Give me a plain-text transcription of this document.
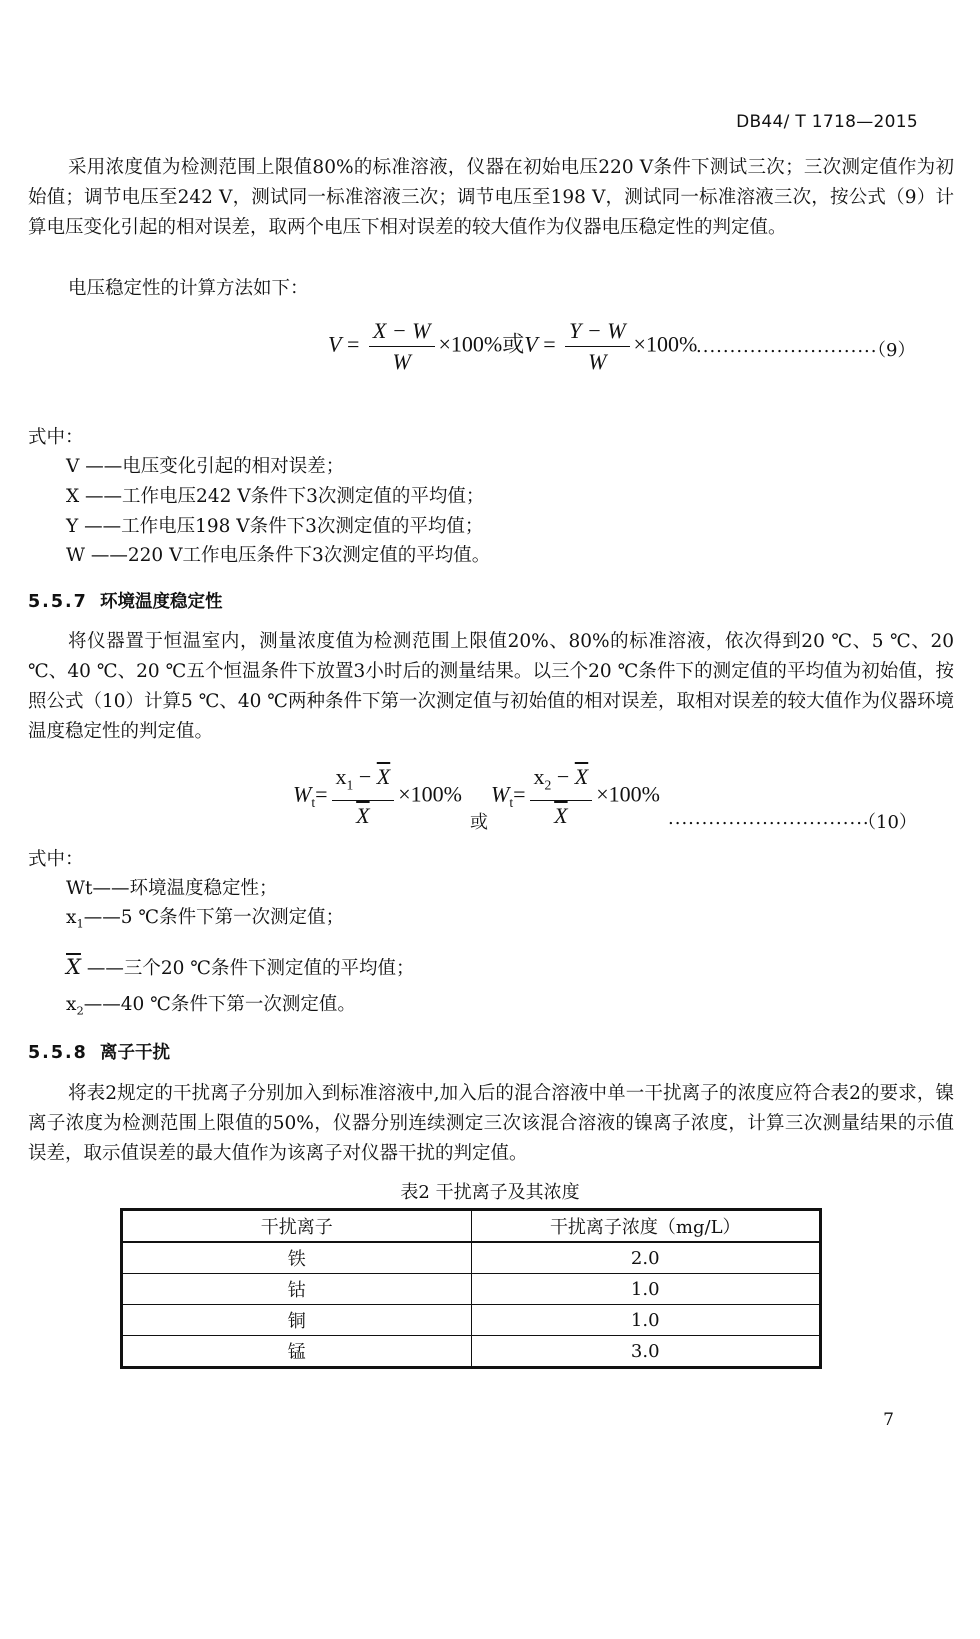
DB44/ T 1718—2015

采用浓度值为检测范围上限值80%的标准溶液，仪器在初始电压220 V条件下测试三次；三次测定值作为初始值；调节电压至242 V，测试同一标准溶液三次；调节电压至198 V，测试同一标准溶液三次，按公式（9）计算电压变化引起的相对误差，取两个电压下相对误差的较大值作为仪器电压稳定性的判定值。

电压稳定性的计算方法如下：
$V = \frac{X - W}{W} \times 100\%$或$V = \frac{Y - W}{W} \times 100\%$
...........................
（9）
式中：
V ——电压变化引起的相对误差；
X ——工作电压242 V条件下3次测定值的平均值；
Y ——工作电压198 V条件下3次测定值的平均值；
W ——220 V工作电压条件下3次测定值的平均值。
5.5.7 环境温度稳定性

将仪器置于恒温室内，测量浓度值为检测范围上限值20%、80%的标准溶液，依次得到20 ℃、5 ℃、20 ℃、40 ℃、20 ℃五个恒温条件下放置3小时后的测量结果。以三个20 ℃条件下的测定值的平均值为初始值，按照公式（10）计算5 ℃、40 ℃两种条件下第一次测定值与初始值的相对误差，取相对误差的较大值作为仪器环境温度稳定性的判定值。

$W_t= \frac{x_1 - \overline{X}}{X} \times 100\%$
或
$W_t= \frac{x_2 - \overline{X}}{X} \times 100\%$
..............................
（10）
式中：
Wt——环境温度稳定性；
$x_1——5$ ℃条件下第一次测定值；
$\overline{X}$ ——三个20 ℃条件下测定值的平均值；
$x_2——40$ ℃条件下第一次测定值。
5.5.8 离子干扰

将表2规定的干扰离子分别加入到标准溶液中,加入后的混合溶液中单一干扰离子的浓度应符合表2的要求，镍离子浓度为检测范围上限值的50%，仪器分别连续测定三次该混合溶液的镍离子浓度，计算三次测量结果的示值误差，取示值误差的最大值作为该离子对仪器干扰的判定值。

表2 干扰离子及其浓度
干扰离子	干扰离子浓度（mg/L）
铁	2.0
钴	1.0
铜	1.0
锰	3.0
7
